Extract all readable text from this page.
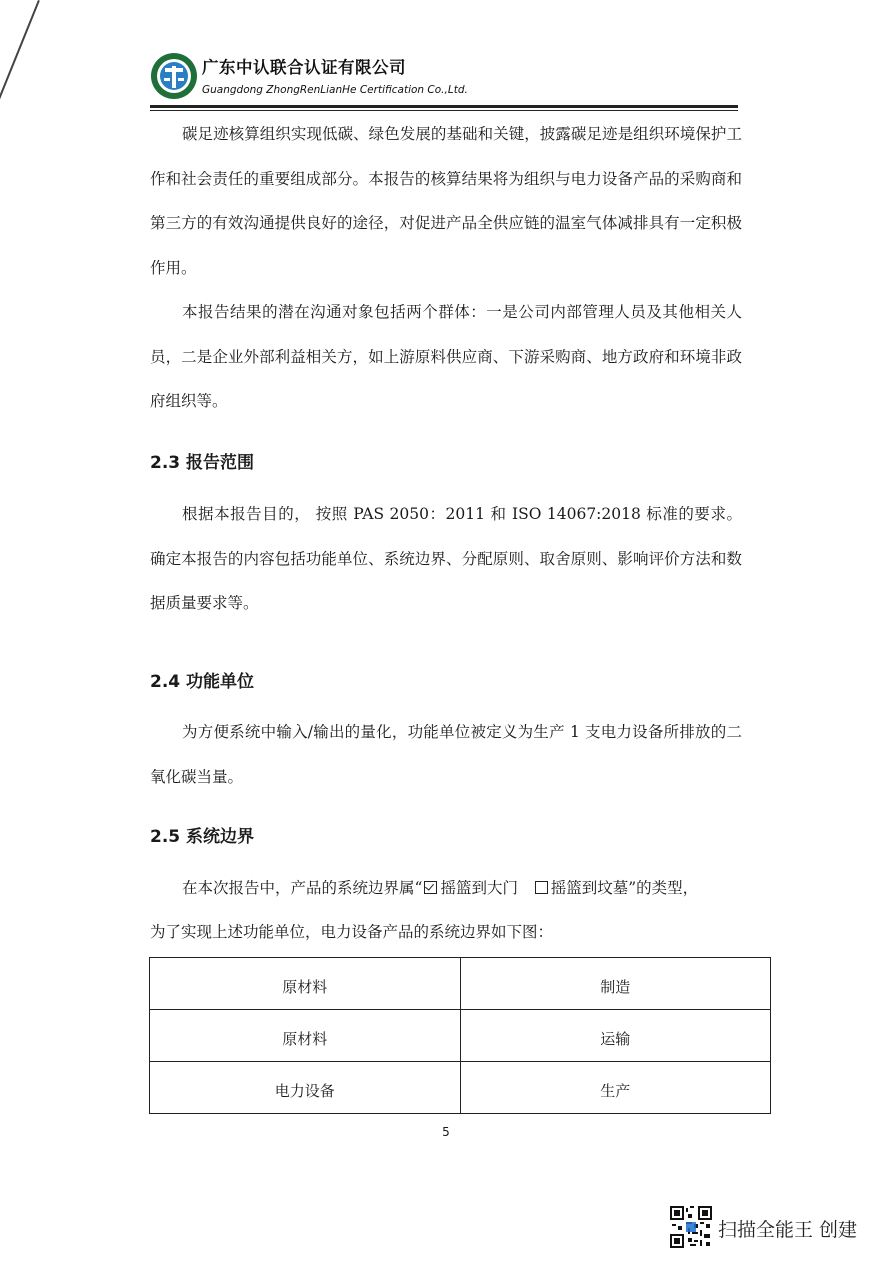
广东中认联合认证有限公司
Guangdong ZhongRenLianHe Certification Co.,Ltd.

碳足迹核算组织实现低碳、绿色发展的基础和关键，披露碳足迹是组织环境保护工作和社会责任的重要组成部分。本报告的核算结果将为组织与电力设备产品的采购商和第三方的有效沟通提供良好的途径，对促进产品全供应链的温室气体减排具有一定积极作用。

本报告结果的潜在沟通对象包括两个群体：一是公司内部管理人员及其他相关人员，二是企业外部利益相关方，如上游原料供应商、下游采购商、地方政府和环境非政府组织等。

2.3 报告范围

根据本报告目的， 按照 PAS 2050：2011 和 ISO 14067:2018 标准的要求。确定本报告的内容包括功能单位、系统边界、分配原则、取舍原则、影响评价方法和数据质量要求等。

2.4 功能单位

为方便系统中输入/输出的量化，功能单位被定义为生产 1 支电力设备所排放的二氧化碳当量。

2.5 系统边界

在本次报告中，产品的系统边界属“ 摇篮到大门 摇篮到坟墓”的类型，

为了实现上述功能单位，电力设备产品的系统边界如下图：

原材料	制造
原材料	运输
电力设备	生产
5
扫描全能王 创建
